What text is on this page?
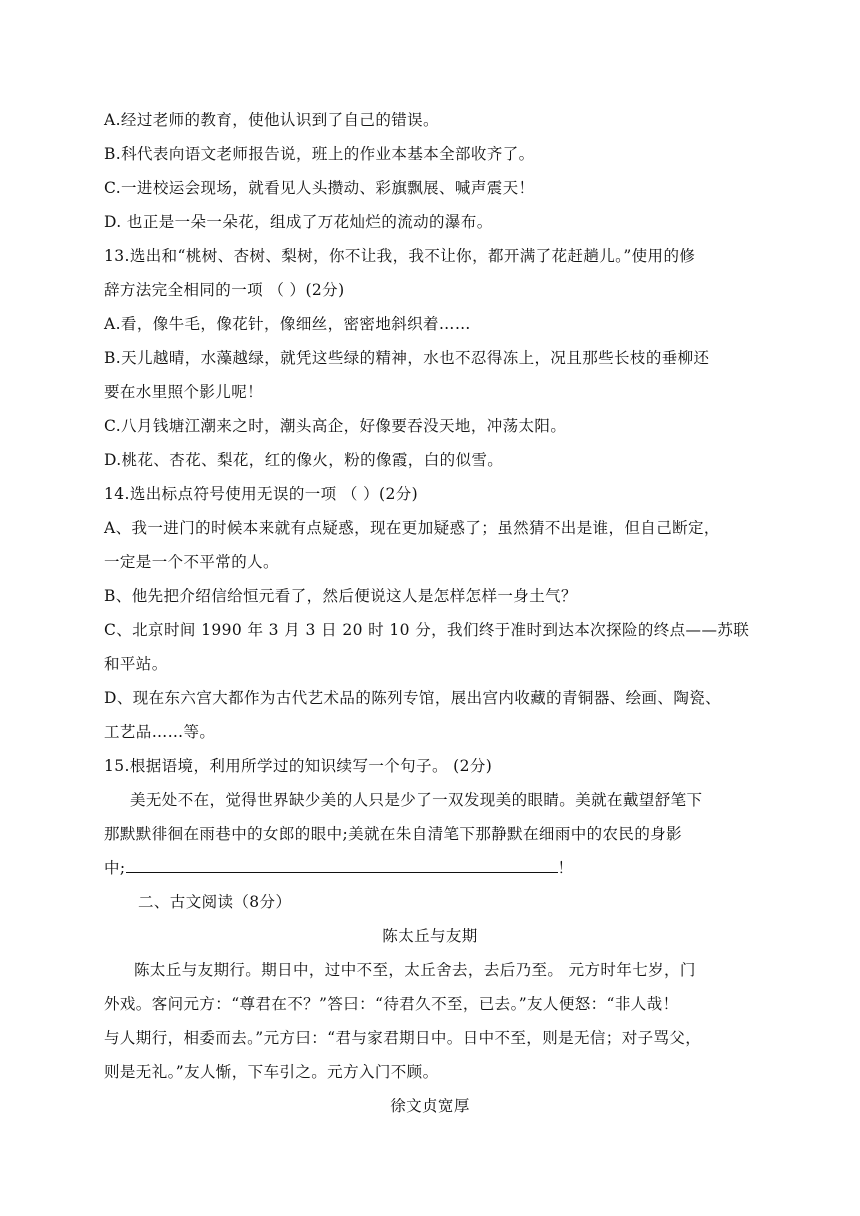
A.经过老师的教育，使他认识到了自己的错误。
B.科代表向语文老师报告说，班上的作业本基本全部收齐了。
C.一进校运会现场，就看见人头攒动、彩旗飘展、喊声震天！
D. 也正是一朵一朵花，组成了万花灿烂的流动的瀑布。
13.选出和“桃树、杏树、梨树，你不让我，我不让你，都开满了花赶趟儿。”使用的修
辞方法完全相同的一项 （ ）(2分)
A.看，像牛毛，像花针，像细丝，密密地斜织着……
B.天儿越晴，水藻越绿，就凭这些绿的精神，水也不忍得冻上，况且那些长枝的垂柳还
要在水里照个影儿呢！
C.八月钱塘江潮来之时，潮头高企，好像要吞没天地，冲荡太阳。
D.桃花、杏花、梨花，红的像火，粉的像霞，白的似雪。
14.选出标点符号使用无误的一项 （ ）(2分)
A、我一进门的时候本来就有点疑惑，现在更加疑惑了；虽然猜不出是谁，但自己断定，
一定是一个不平常的人。
B、他先把介绍信给恒元看了，然后便说这人是怎样怎样一身土气？
C、北京时间 1990 年 3 月 3 日 20 时 10 分，我们终于准时到达本次探险的终点——苏联
和平站。
D、现在东六宫大都作为古代艺术品的陈列专馆，展出宫内收藏的青铜器、绘画、陶瓷、
工艺品……等。
15.根据语境，利用所学过的知识续写一个句子。 (2分)
美无处不在，觉得世界缺少美的人只是少了一双发现美的眼睛。美就在戴望舒笔下
那默默徘徊在雨巷中的女郎的眼中;美就在朱自清笔下那静默在细雨中的农民的身影
中;	！
二、古文阅读（8分）
陈太丘与友期
陈太丘与友期行。期日中，过中不至，太丘舍去，去后乃至。 元方时年七岁，门
外戏。客问元方：“尊君在不？”答曰：“待君久不至，已去。”友人便怒：“非人哉！
与人期行，相委而去。”元方曰：“君与家君期日中。日中不至，则是无信；对子骂父，
则是无礼。”友人惭，下车引之。元方入门不顾。
徐文贞宽厚
